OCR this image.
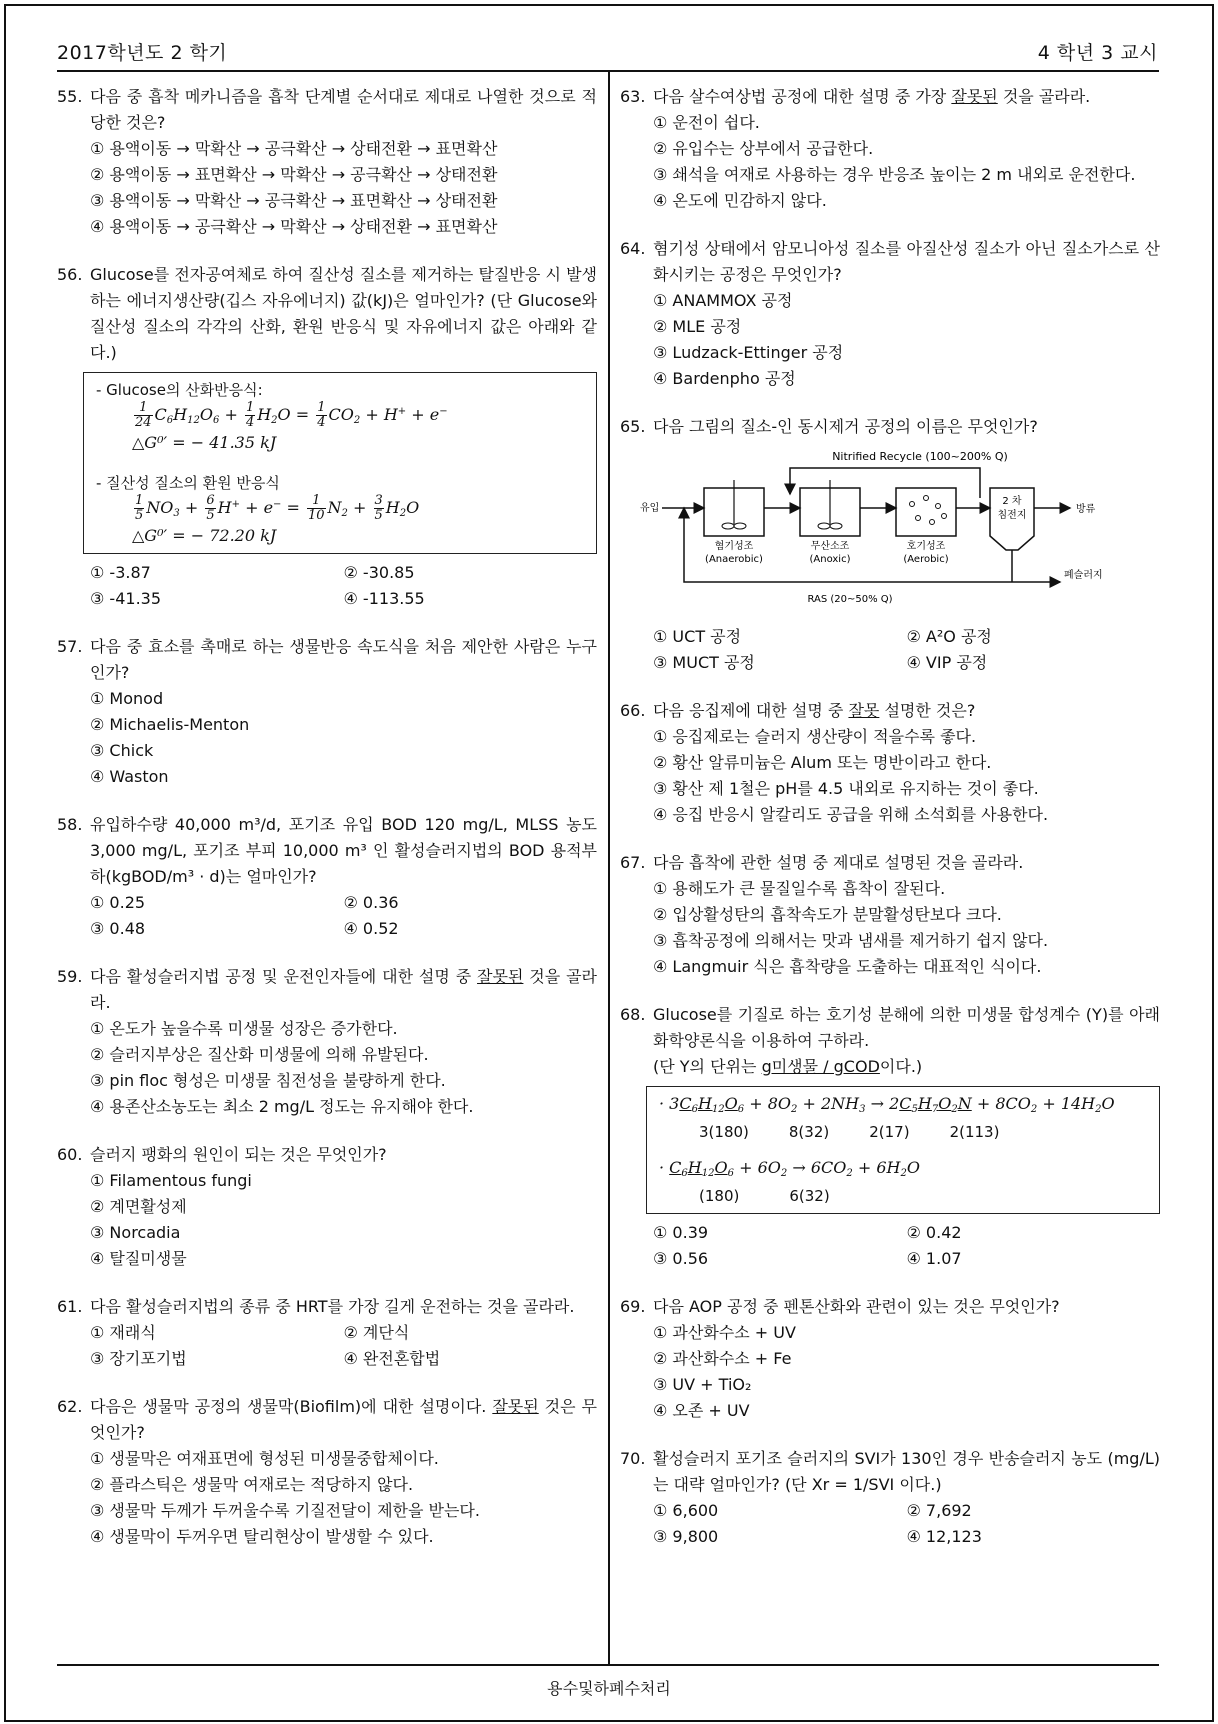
2017학년도 2 학기	4 학년 3 교시
용수및하폐수처리
55. 다음 중 흡착 메카니즘을 흡착 단계별 순서대로 제대로 나열한 것으로 적당한 것은?
① 용액이동 → 막확산 → 공극확산 → 상태전환 → 표면확산
② 용액이동 → 표면확산 → 막확산 → 공극확산 → 상태전환
③ 용액이동 → 막확산 → 공극확산 → 표면확산 → 상태전환
④ 용액이동 → 공극확산 → 막확산 → 상태전환 → 표면확산
56. Glucose를 전자공여체로 하여 질산성 질소를 제거하는 탈질반응 시 발생하는 에너지생산량(깁스 자유에너지) 값(kJ)은 얼마인가? (단 Glucose와 질산성 질소의 각각의 산화, 환원 반응식 및 자유에너지 값은 아래와 같다.)
- Glucose의 산화반응식:
$\frac{1}{24} C_6H_{12}O_6 + \frac{1}{4} H_2O = \frac{1}{4} CO_2 + H^+ + e^-$
△G⁰′ = − 41.35 kJ
- 질산성 질소의 환원 반응식
$\frac{1}{5} NO_3 + \frac{6}{5} H^+ + e^- = \frac{1}{10} N_2 + \frac{3}{5} H_2O$
△G⁰′ = − 72.20 kJ
① -3.87	② -30.85
③ -41.35	④ -113.55
57. 다음 중 효소를 촉매로 하는 생물반응 속도식을 처음 제안한 사람은 누구인가?
① Monod
② Michaelis-Menton
③ Chick
④ Waston
58. 유입하수량 40,000 m³/d, 포기조 유입 BOD 120 mg/L, MLSS 농도 3,000 mg/L, 포기조 부피 10,000 m³ 인 활성슬러지법의 BOD 용적부하(kgBOD/m³ · d)는 얼마인가?
① 0.25	② 0.36
③ 0.48	④ 0.52
59. 다음 활성슬러지법 공정 및 운전인자들에 대한 설명 중 잘못된 것을 골라라.
① 온도가 높을수록 미생물 성장은 증가한다.
② 슬러지부상은 질산화 미생물에 의해 유발된다.
③ pin floc 형성은 미생물 침전성을 불량하게 한다.
④ 용존산소농도는 최소 2 mg/L 정도는 유지해야 한다.
60. 슬러지 팽화의 원인이 되는 것은 무엇인가?
① Filamentous fungi
② 계면활성제
③ Norcadia
④ 탈질미생물
61. 다음 활성슬러지법의 종류 중 HRT를 가장 길게 운전하는 것을 골라라.
① 재래식	② 계단식
③ 장기포기법	④ 완전혼합법
62. 다음은 생물막 공정의 생물막(Biofilm)에 대한 설명이다. 잘못된 것은 무엇인가?
① 생물막은 여재표면에 형성된 미생물중합체이다.
② 플라스틱은 생물막 여재로는 적당하지 않다.
③ 생물막 두께가 두꺼울수록 기질전달이 제한을 받는다.
④ 생물막이 두꺼우면 탈리현상이 발생할 수 있다.
63. 다음 살수여상법 공정에 대한 설명 중 가장 잘못된 것을 골라라.
① 운전이 쉽다.
② 유입수는 상부에서 공급한다.
③ 쇄석을 여재로 사용하는 경우 반응조 높이는 2 m 내외로 운전한다.
④ 온도에 민감하지 않다.
64. 혐기성 상태에서 암모니아성 질소를 아질산성 질소가 아닌 질소가스로 산화시키는 공정은 무엇인가?
① ANAMMOX 공정
② MLE 공정
③ Ludzack-Ettinger 공정
④ Bardenpho 공정
65. 다음 그림의 질소-인 동시제거 공정의 이름은 무엇인가?
Nitrified Recycle (100~200% Q)
유입
혐기성조
(Anaerobic)
무산소조
(Anoxic)
호기성조
(Aerobic)
2 차
침전지
방류
폐슬러지
RAS (20~50% Q)
① UCT 공정	② A²O 공정
③ MUCT 공정	④ VIP 공정
66. 다음 응집제에 대한 설명 중 잘못 설명한 것은?
① 응집제로는 슬러지 생산량이 적을수록 좋다.
② 황산 알류미늄은 Alum 또는 명반이라고 한다.
③ 황산 제 1철은 pH를 4.5 내외로 유지하는 것이 좋다.
④ 응집 반응시 알칼리도 공급을 위해 소석회를 사용한다.
67. 다음 흡착에 관한 설명 중 제대로 설명된 것을 골라라.
① 용해도가 큰 물질일수록 흡착이 잘된다.
② 입상활성탄의 흡착속도가 분말활성탄보다 크다.
③ 흡착공정에 의해서는 맛과 냄새를 제거하기 쉽지 않다.
④ Langmuir 식은 흡착량을 도출하는 대표적인 식이다.
68. Glucose를 기질로 하는 호기성 분해에 의한 미생물 합성계수 (Y)를 아래 화학양론식을 이용하여 구하라.
(단 Y의 단위는 g미생물 / gCOD이다.)
· $3C_6H_{12}O_6 + 8O_2 + 2NH_3 \to 2C_5H_7O_2N + 8CO_2 + 14H_2O$
3(180)	8(32)	2(17)	2(113)
· $C_6H_{12}O_6 + 6O_2 \to 6CO_2 + 6H_2O$
(180)	6(32)
① 0.39	② 0.42
③ 0.56	④ 1.07
69. 다음 AOP 공정 중 펜톤산화와 관련이 있는 것은 무엇인가?
① 과산화수소 + UV
② 과산화수소 + Fe
③ UV + TiO₂
④ 오존 + UV
70. 활성슬러지 포기조 슬러지의 SVI가 130인 경우 반송슬러지 농도 (mg/L)는 대략 얼마인가? (단 Xr = 1/SVI 이다.)
① 6,600	② 7,692
③ 9,800	④ 12,123
